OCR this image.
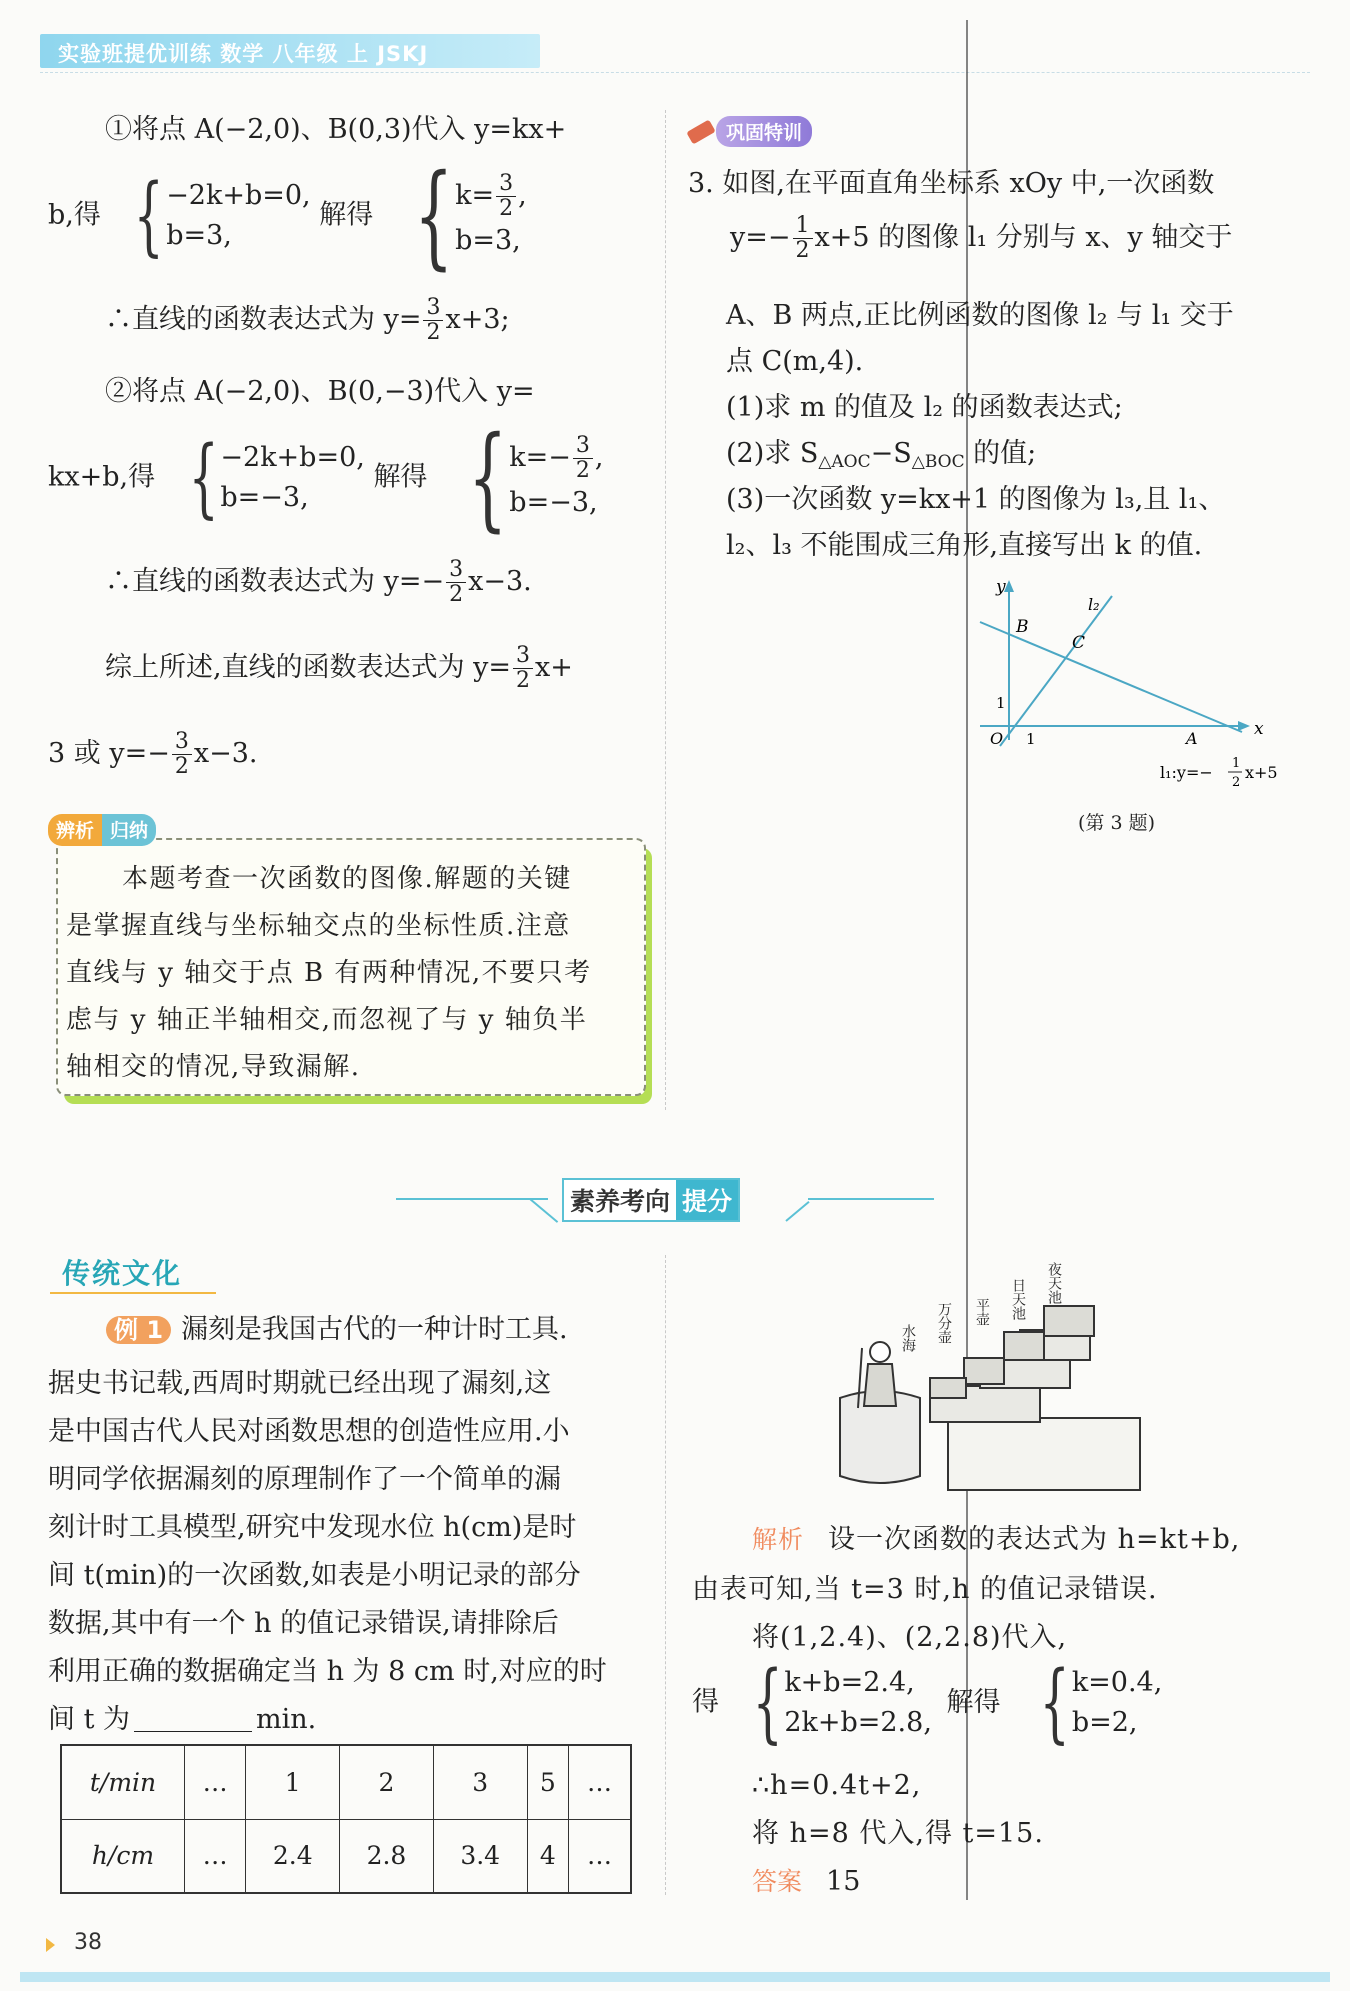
实验班提优训练 数学 八年级 上 JSKJ
①将点 A(−2,0)、B(0,3)代入 y=kx+
b,得 { −2k+b=0,
b=3,
解得 { $k= \frac{3}{2}$ ,
b=3,
∴直线的函数表达式为 $y= \frac{3}{2} x+3$;
②将点 A(−2,0)、B(0,−3)代入 y=
kx+b,得 { −2k+b=0,
b=−3,
解得 { $k=- \frac{3}{2}$ ,
b=−3,
∴直线的函数表达式为 $y=- \frac{3}{2} x-3$.
综上所述,直线的函数表达式为 $y= \frac{3}{2} x+$
3 或 $y=- \frac{3}{2} x-3$.
辨析 归纳
本题考查一次函数的图像.解题的关键
是掌握直线与坐标轴交点的坐标性质.注意
直线与 y 轴交于点 B 有两种情况,不要只考
虑与 y 轴正半轴相交,而忽视了与 y 轴负半
轴相交的情况,导致漏解.
巩固特训
3. 如图,在平面直角坐标系 xOy 中,一次函数
$y=- \frac{1}{2} x+5$ 的图像 l₁ 分别与 x、y 轴交于
A、B 两点,正比例函数的图像 l₂ 与 l₁ 交于
点 C(m,4).
(1)求 m 的值及 l₂ 的函数表达式;
(2)求 $S_{\triangle AOC}-S_{\triangle BOC}$ 的值;
(3)一次函数 y=kx+1 的图像为 l₃,且 l₁、
l₂、l₃ 不能围成三角形,直接写出 k 的值.
y
x
B
C
l₂
1
1
O	A
l₁:y=− 1
2
x+5
(第 3 题)
素养考向 提分
传统文化
例 1 漏刻是我国古代的一种计时工具.
据史书记载,西周时期就已经出现了漏刻,这
是中国古代人民对函数思想的创造性应用.小
明同学依据漏刻的原理制作了一个简单的漏
刻计时工具模型,研究中发现水位 h(cm)是时
间 t(min)的一次函数,如表是小明记录的部分
数据,其中有一个 h 的值记录错误,请排除后
利用正确的数据确定当 h 为 8 cm 时,对应的时
间 t 为	min.
t/min	…	1	2	3	5	…
h/cm	…	2.4	2.8	3.4	4	…
夜天池
日天池
平壶
万分壶
水海
解析 设一次函数的表达式为 h=kt+b,
由表可知,当 t=3 时,h 的值记录错误.
将(1,2.4)、(2,2.8)代入,
得 { k+b=2.4,
2k+b=2.8,
解得 { k=0.4,
b=2,
∴h=0.4t+2,
将 h=8 代入,得 t=15.
答案 15
38
